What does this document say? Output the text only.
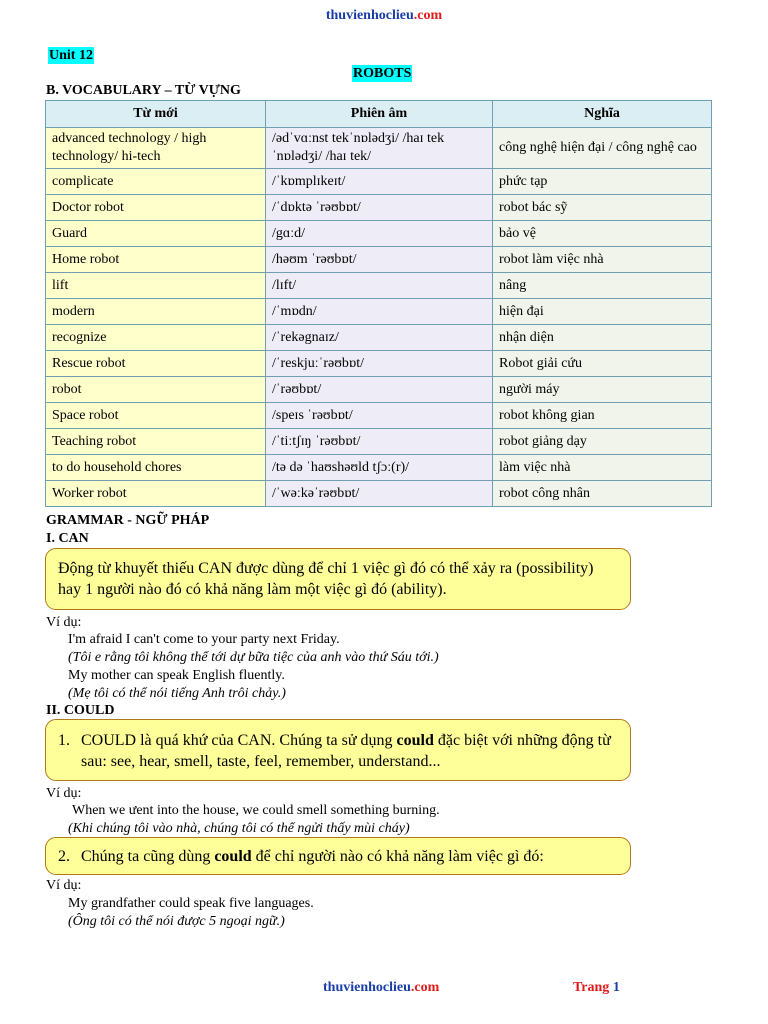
thuvienhoclieu.com
Unit 12
ROBOTS
B. VOCABULARY – TỪ VỰNG
Từ mới	Phiên âm	Nghĩa
advanced technology / high technology/ hi-tech	/ədˈvɑːnst tekˈnɒlədʒi/ /haɪ tek ˈnɒlədʒi/ /haɪ tek/	công nghệ hiện đại / công nghệ cao
complicate	/ˈkɒmplɪkeɪt/	phức tạp
Doctor robot	/ˈdɒktə ˈrəʊbɒt/	robot bác sỹ
Guard	/gɑːd/	bảo vệ
Home robot	/həʊm ˈrəʊbɒt/	robot làm việc nhà
lift	/lɪft/	nâng
modern	/ˈmɒdn/	hiện đại
recognize	/ˈrekəgnaɪz/	nhận diện
Rescue robot	/ˈreskjuːˈrəʊbɒt/	Robot giải cứu
robot	/ˈrəʊbɒt/	người máy
Space robot	/speɪs ˈrəʊbɒt/	robot không gian
Teaching robot	/ˈtiːtʃɪŋ ˈrəʊbɒt/	robot giảng dạy
to do household chores	/tə də ˈhaʊshəʊld tʃɔː(r)/	làm việc nhà
Worker robot	/ˈwəːkəˈrəʊbɒt/	robot công nhân
GRAMMAR - NGỮ PHÁP
I. CAN
Động từ khuyết thiếu CAN được dùng để chỉ 1 việc gì đó có thể xảy ra (possibility) hay 1 người nào đó có khả năng làm một việc gì đó (ability).
Ví dụ:
I'm afraid I can't come to your party next Friday.
(Tôi e rằng tôi không thể tới dự bữa tiệc của anh vào thứ Sáu tới.)
My mother can speak English fluently.
(Mẹ tôi có thể nói tiếng Anh trôi chảy.)
II. COULD
1. COULD là quá khứ của CAN. Chúng ta sử dụng could đặc biệt với những động từ sau: see, hear, smell, taste, feel, remember, understand...
Ví dụ:
When we ưent into the house, we could smell something burning.
(Khi chúng tôi vào nhà, chúng tôi có thể ngửi thấy mùi cháy)
2. Chúng ta cũng dùng could để chỉ người nào có khả năng làm việc gì đó:
Ví dụ:
My grandfather could speak five languages.
(Ông tôi có thể nói được 5 ngoại ngữ.)
thuvienhoclieu.com	Trang 1
